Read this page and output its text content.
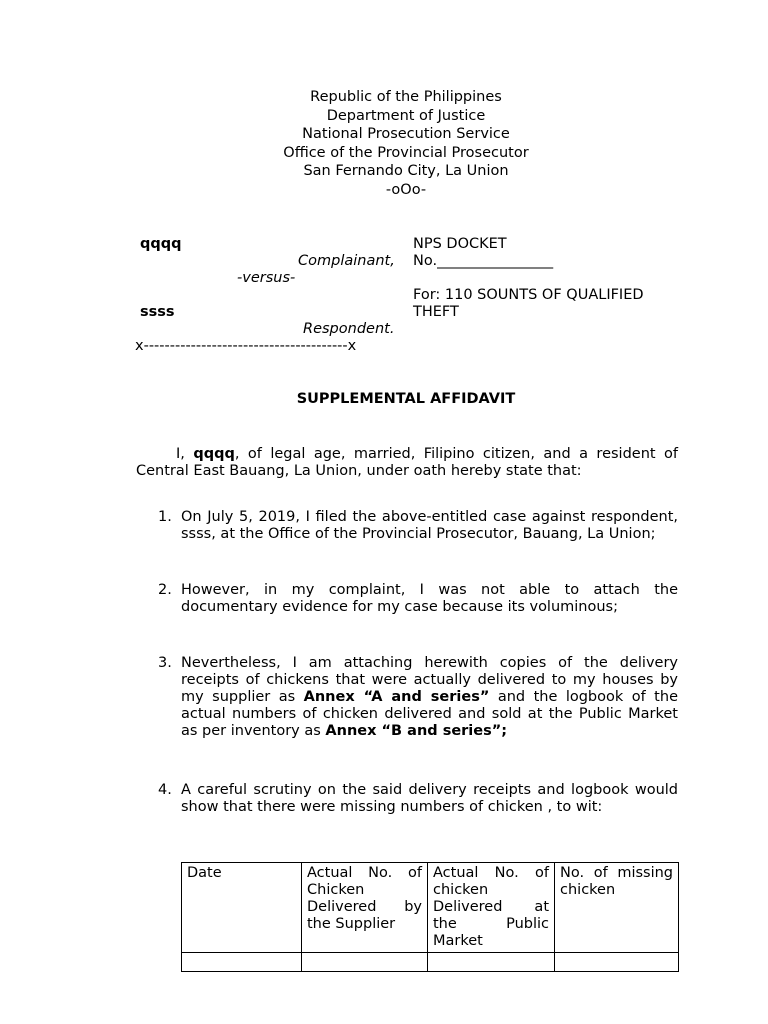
Republic of the Philippines
Department of Justice
National Prosecution Service
Office of the Provincial Prosecutor
San Fernando City, La Union
-oOo-
qqqq
Complainant,
-versus-
ssss
Respondent.
x---------------------------------------x
NPS DOCKET
No.________________
For: 110 SOUNTS OF QUALIFIED
THEFT
SUPPLEMENTAL AFFIDAVIT
I, qqqq, of legal age, married, Filipino citizen, and a resident of Central East Bauang, La Union, under oath hereby state that:
1. On July 5, 2019, I filed the above-entitled case against respondent, ssss, at the Office of the Provincial Prosecutor, Bauang, La Union;
2. However, in my complaint, I was not able to attach the documentary evidence for my case because its voluminous;
3. Nevertheless, I am attaching herewith copies of the delivery receipts of chickens that were actually delivered to my houses by my supplier as Annex “A and series” and the logbook of the actual numbers of chicken delivered and sold at the Public Market as per inventory as Annex “B and series”;
4. A careful scrutiny on the said delivery receipts and logbook would show that there were missing numbers of chicken , to wit:
Date	Actual No. of Chicken Delivered by the Supplier	Actual No. of chicken Delivered at the Public Market	No. of missing chicken
